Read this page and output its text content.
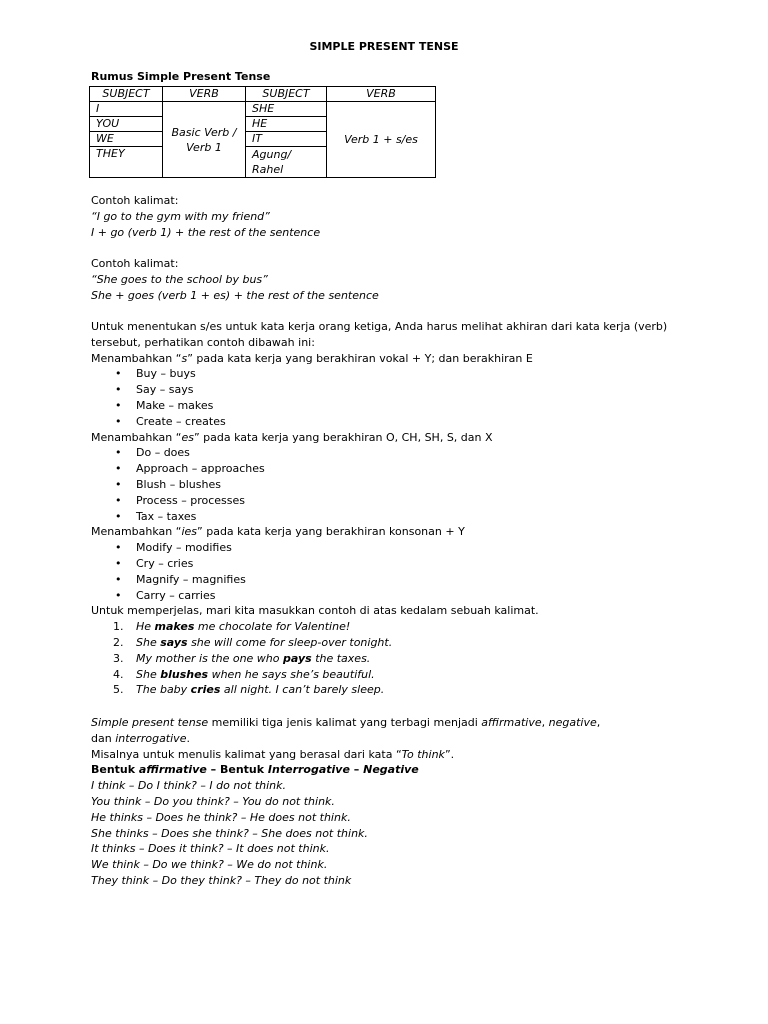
SIMPLE PRESENT TENSE
Rumus Simple Present Tense
SUBJECT	VERB	SUBJECT	VERB
I	Basic Verb / Verb 1	SHE	Verb 1 + s/es
YOU		HE	
WE		IT	
THEY		Agung/ Rahel	
Contoh kalimat:
“I go to the gym with my friend”
I + go (verb 1) + the rest of the sentence
Contoh kalimat:
“She goes to the school by bus”
She + goes (verb 1 + es) + the rest of the sentence
Untuk menentukan s/es untuk kata kerja orang ketiga, Anda harus melihat akhiran dari kata kerja (verb)
tersebut, perhatikan contoh dibawah ini:
Menambahkan “s” pada kata kerja yang berakhiran vokal + Y; dan berakhiran E
• Buy – buys
• Say – says
• Make – makes
• Create – creates
Menambahkan “es” pada kata kerja yang berakhiran O, CH, SH, S, dan X
• Do – does
• Approach – approaches
• Blush – blushes
• Process – processes
• Tax – taxes
Menambahkan “ies” pada kata kerja yang berakhiran konsonan + Y
• Modify – modifies
• Cry – cries
• Magnify – magnifies
• Carry – carries
Untuk memperjelas, mari kita masukkan contoh di atas kedalam sebuah kalimat.
1. He makes me chocolate for Valentine!
2. She says she will come for sleep-over tonight.
3. My mother is the one who pays the taxes.
4. She blushes when he says she’s beautiful.
5. The baby cries all night. I can’t barely sleep.
Simple present tense memiliki tiga jenis kalimat yang terbagi menjadi affirmative, negative,
dan interrogative.
Misalnya untuk menulis kalimat yang berasal dari kata “To think”.
Bentuk affirmative – Bentuk Interrogative – Negative
I think – Do I think? – I do not think.
You think – Do you think? – You do not think.
He thinks – Does he think? – He does not think.
She thinks – Does she think? – She does not think.
It thinks – Does it think? – It does not think.
We think – Do we think? – We do not think.
They think – Do they think? – They do not think
